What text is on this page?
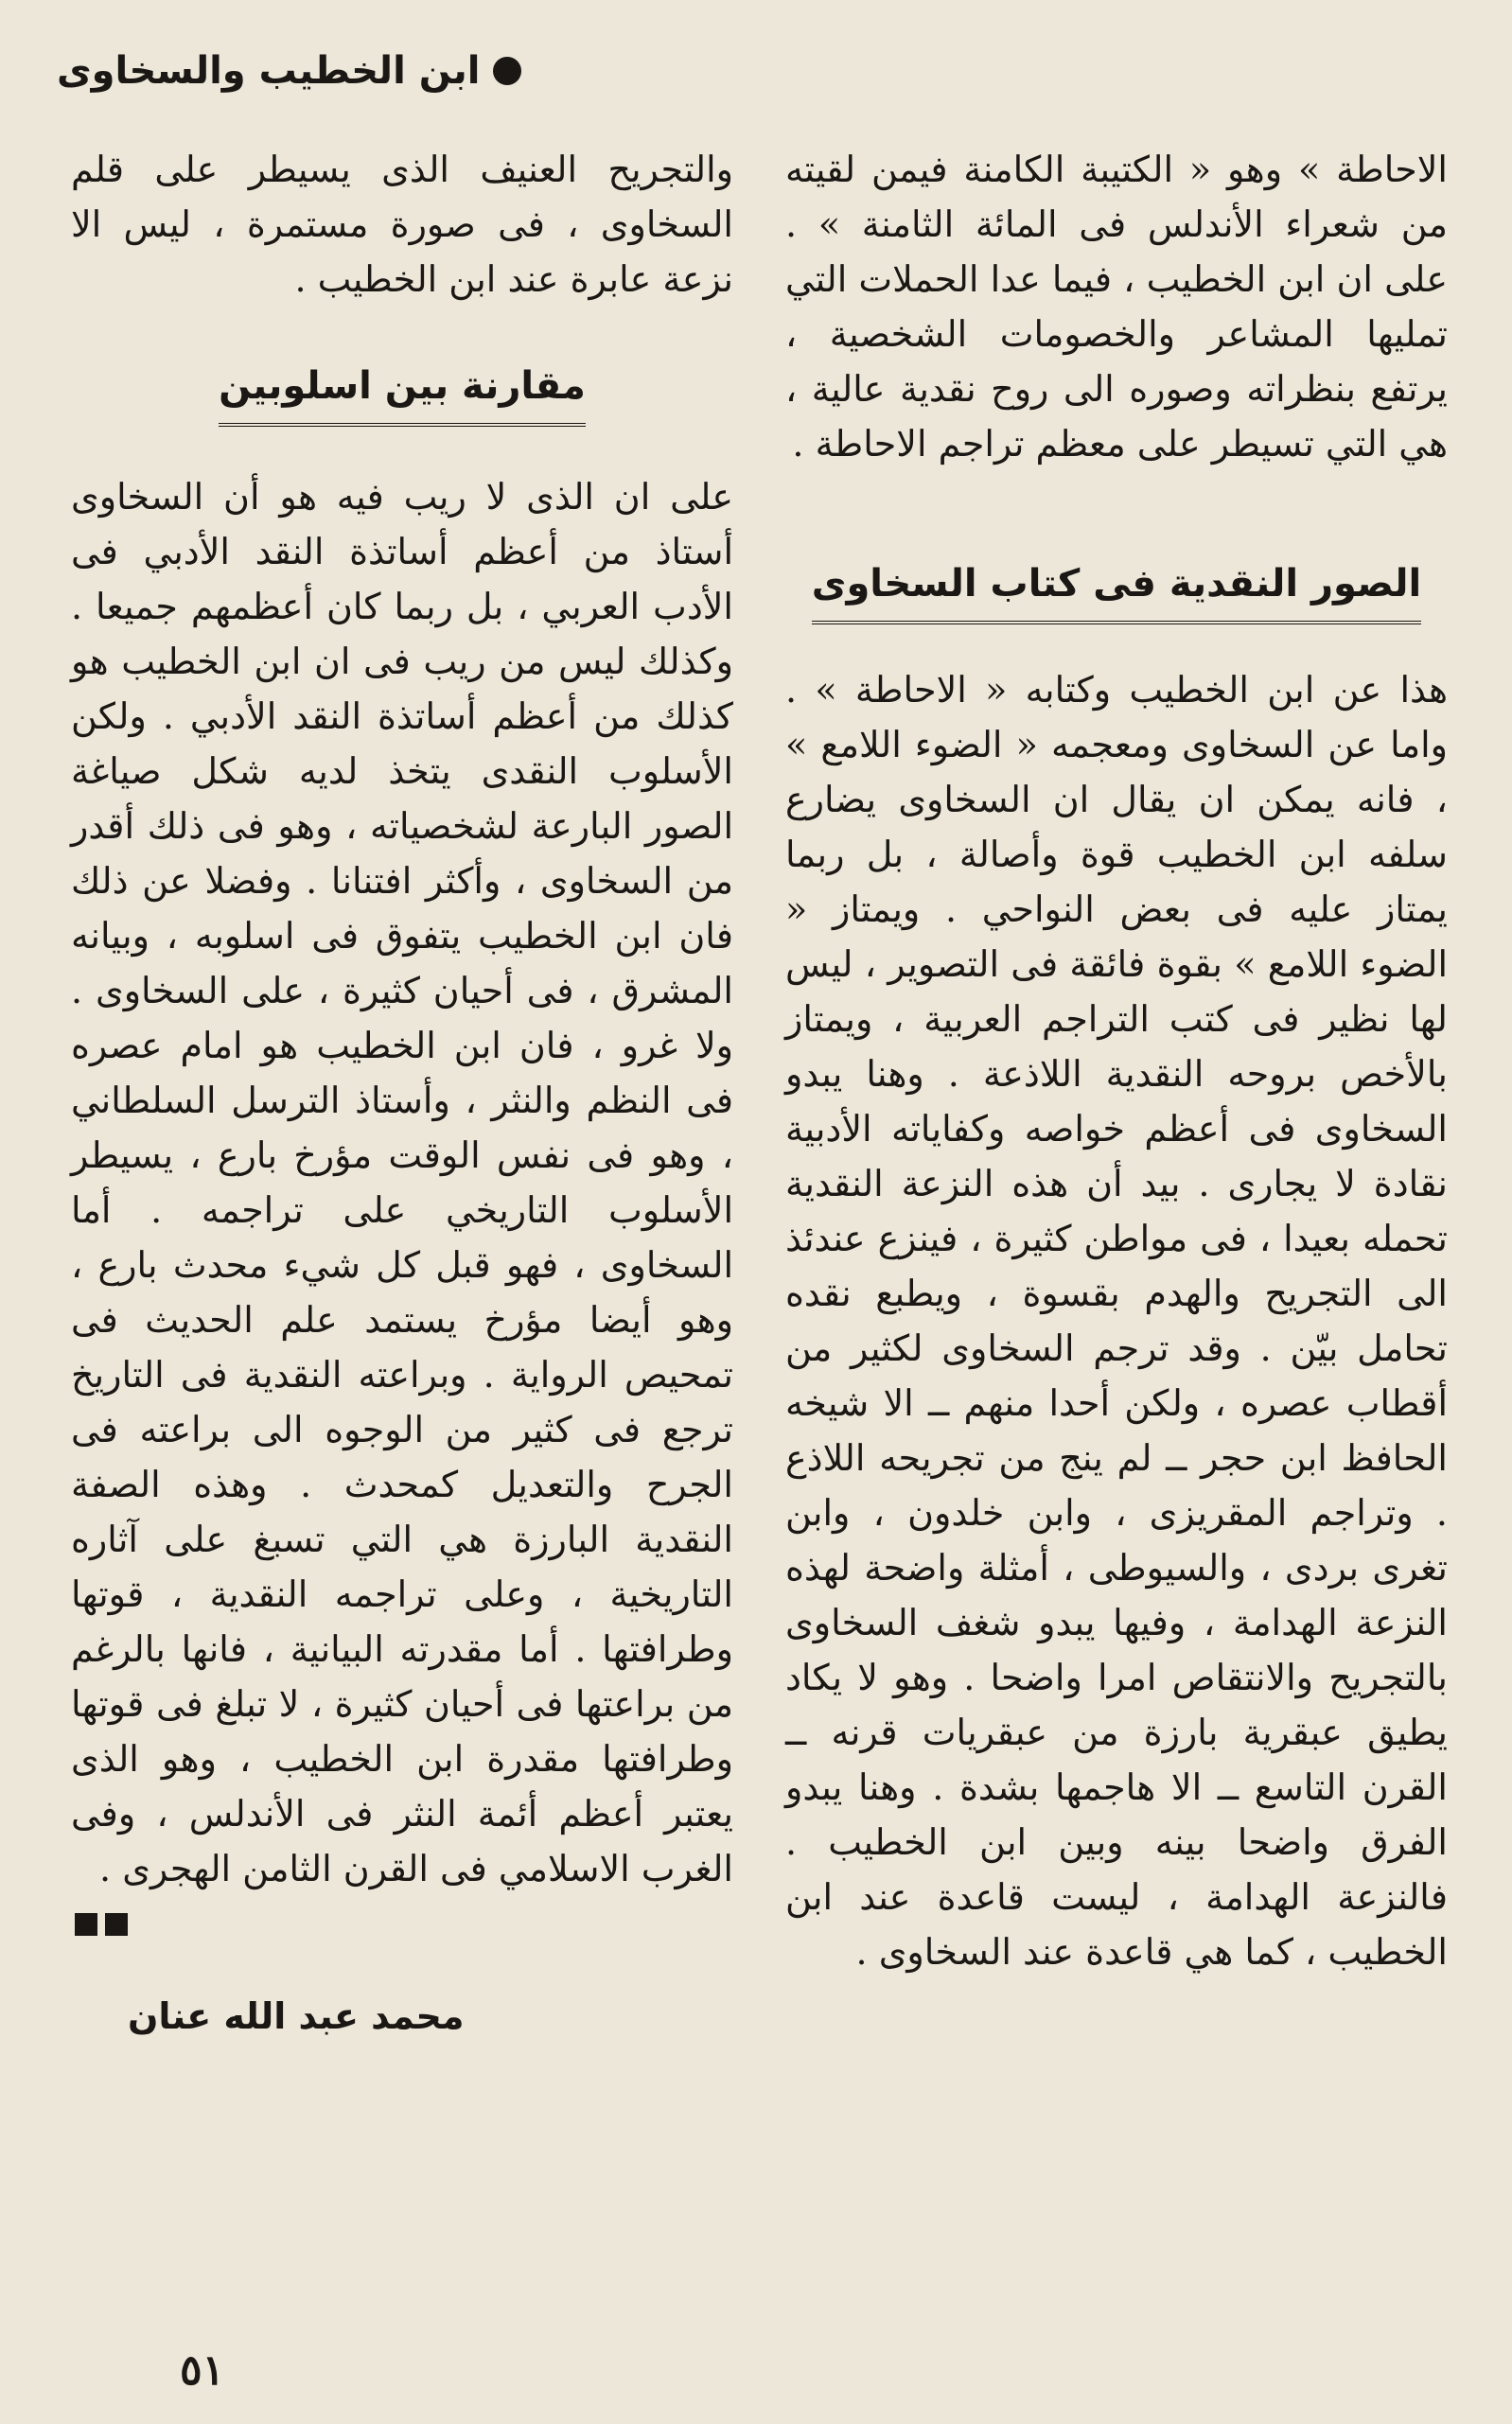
ابن الخطيب والسخاوى

الاحاطة » وهو « الكتيبة الكامنة فيمن لقيته من شعراء الأندلس فى المائة الثامنة » . على ان ابن الخطيب ، فيما عدا الحملات التي تمليها المشاعر والخصومات الشخصية ، يرتفع بنظراته وصوره الى روح نقدية عالية ، هي التي تسيطر على معظم تراجم الاحاطة .

الصور النقدية فى كتاب السخاوى

هذا عن ابن الخطيب وكتابه « الاحاطة » . واما عن السخاوى ومعجمه « الضوء اللامع » ، فانه يمكن ان يقال ان السخاوى يضارع سلفه ابن الخطيب قوة وأصالة ، بل ربما يمتاز عليه فى بعض النواحي . ويمتاز « الضوء اللامع » بقوة فائقة فى التصوير ، ليس لها نظير فى كتب التراجم العربية ، ويمتاز بالأخص بروحه النقدية اللاذعة . وهنا يبدو السخاوى فى أعظم خواصه وكفاياته الأدبية نقادة لا يجارى . بيد أن هذه النزعة النقدية تحمله بعيدا ، فى مواطن كثيرة ، فينزع عندئذ الى التجريح والهدم بقسوة ، ويطبع نقده تحامل بيّن . وقد ترجم السخاوى لكثير من أقطاب عصره ، ولكن أحدا منهم ــ الا شيخه الحافظ ابن حجر ــ لم ينج من تجريحه اللاذع . وتراجم المقريزى ، وابن خلدون ، وابن تغرى بردى ، والسيوطى ، أمثلة واضحة لهذه النزعة الهدامة ، وفيها يبدو شغف السخاوى بالتجريح والانتقاص امرا واضحا . وهو لا يكاد يطيق عبقرية بارزة من عبقريات قرنه ــ القرن التاسع ــ الا هاجمها بشدة . وهنا يبدو الفرق واضحا بينه وبين ابن الخطيب . فالنزعة الهدامة ، ليست قاعدة عند ابن الخطيب ، كما هي قاعدة عند السخاوى .

والتجريح العنيف الذى يسيطر على قلم السخاوى ، فى صورة مستمرة ، ليس الا نزعة عابرة عند ابن الخطيب .

مقارنة بين اسلوبين

على ان الذى لا ريب فيه هو أن السخاوى أستاذ من أعظم أساتذة النقد الأدبي فى الأدب العربي ، بل ربما كان أعظمهم جميعا . وكذلك ليس من ريب فى ان ابن الخطيب هو كذلك من أعظم أساتذة النقد الأدبي . ولكن الأسلوب النقدى يتخذ لديه شكل صياغة الصور البارعة لشخصياته ، وهو فى ذلك أقدر من السخاوى ، وأكثر افتنانا . وفضلا عن ذلك فان ابن الخطيب يتفوق فى اسلوبه ، وبيانه المشرق ، فى أحيان كثيرة ، على السخاوى . ولا غرو ، فان ابن الخطيب هو امام عصره فى النظم والنثر ، وأستاذ الترسل السلطاني ، وهو فى نفس الوقت مؤرخ بارع ، يسيطر الأسلوب التاريخي على تراجمه . أما السخاوى ، فهو قبل كل شيء محدث بارع ، وهو أيضا مؤرخ يستمد علم الحديث فى تمحيص الرواية . وبراعته النقدية فى التاريخ ترجع فى كثير من الوجوه الى براعته فى الجرح والتعديل كمحدث . وهذه الصفة النقدية البارزة هي التي تسبغ على آثاره التاريخية ، وعلى تراجمه النقدية ، قوتها وطرافتها . أما مقدرته البيانية ، فانها بالرغم من براعتها فى أحيان كثيرة ، لا تبلغ فى قوتها وطرافتها مقدرة ابن الخطيب ، وهو الذى يعتبر أعظم أئمة النثر فى الأندلس ، وفى الغرب الاسلامي فى القرن الثامن الهجرى .

محمد عبد الله عنان
٥١
